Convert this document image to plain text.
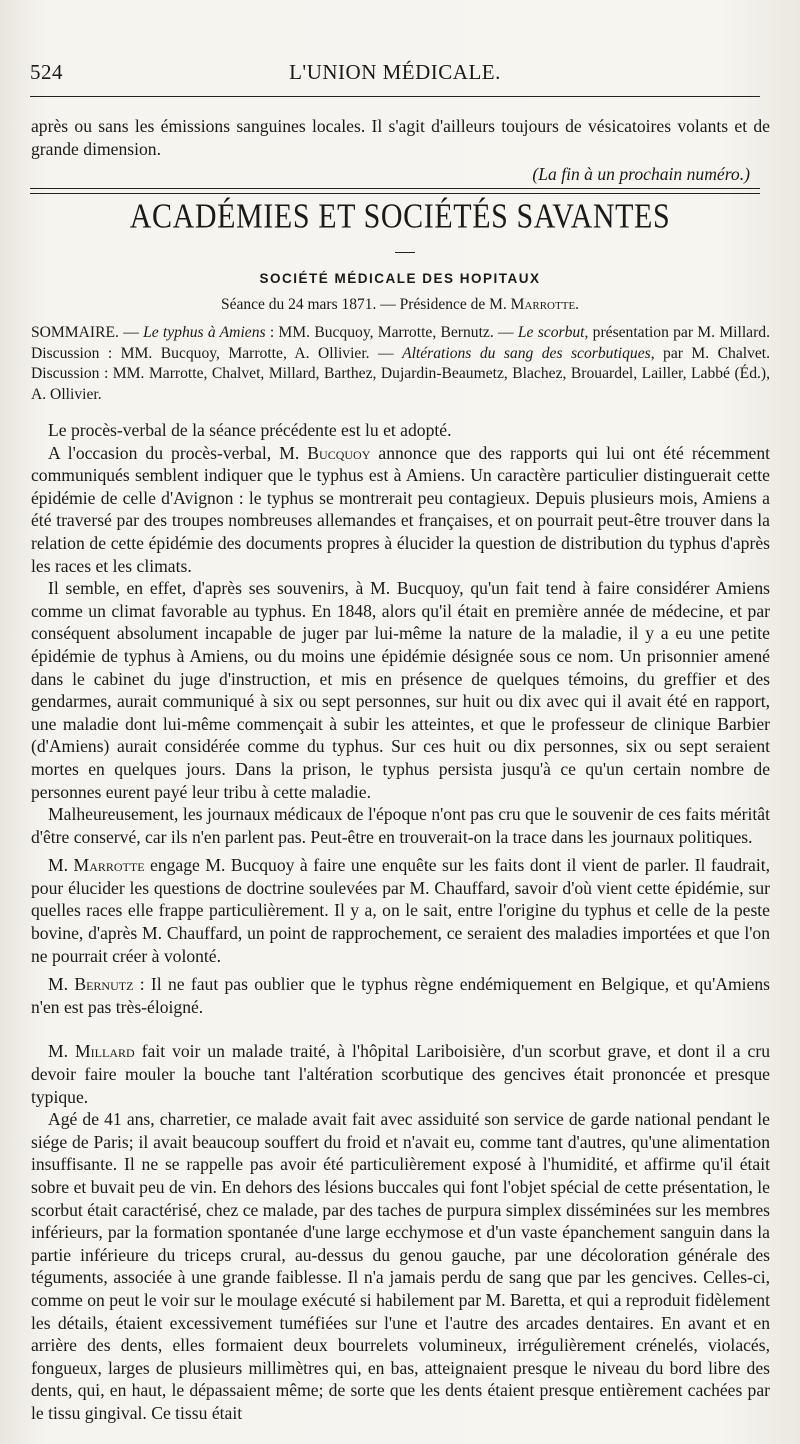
524	L'UNION MÉDICALE.

après ou sans les émissions sanguines locales. Il s'agit d'ailleurs toujours de vésicatoires volants et de grande dimension.

(La fin à un prochain numéro.)

ACADÉMIES ET SOCIÉTÉS SAVANTES
SOCIÉTÉ MÉDICALE DES HOPITAUX
Séance du 24 mars 1871. — Présidence de M. Marrotte.

SOMMAIRE. — Le typhus à Amiens : MM. Bucquoy, Marrotte, Bernutz. — Le scorbut, présentation par M. Millard. Discussion : MM. Bucquoy, Marrotte, A. Ollivier. — Altérations du sang des scorbutiques, par M. Chalvet. Discussion : MM. Marrotte, Chalvet, Millard, Barthez, Dujardin-Beaumetz, Blachez, Brouardel, Lailler, Labbé (Éd.), A. Ollivier.

Le procès-verbal de la séance précédente est lu et adopté.

A l'occasion du procès-verbal, M. Bucquoy annonce que des rapports qui lui ont été récemment communiqués semblent indiquer que le typhus est à Amiens. Un caractère particulier distinguerait cette épidémie de celle d'Avignon : le typhus se montrerait peu contagieux. Depuis plusieurs mois, Amiens a été traversé par des troupes nombreuses allemandes et françaises, et on pourrait peut-être trouver dans la relation de cette épidémie des documents propres à élucider la question de distribution du typhus d'après les races et les climats.

Il semble, en effet, d'après ses souvenirs, à M. Bucquoy, qu'un fait tend à faire considérer Amiens comme un climat favorable au typhus. En 1848, alors qu'il était en première année de médecine, et par conséquent absolument incapable de juger par lui-même la nature de la maladie, il y a eu une petite épidémie de typhus à Amiens, ou du moins une épidémie désignée sous ce nom. Un prisonnier amené dans le cabinet du juge d'instruction, et mis en présence de quelques témoins, du greffier et des gendarmes, aurait communiqué à six ou sept personnes, sur huit ou dix avec qui il avait été en rapport, une maladie dont lui-même commençait à subir les atteintes, et que le professeur de clinique Barbier (d'Amiens) aurait considérée comme du typhus. Sur ces huit ou dix personnes, six ou sept seraient mortes en quelques jours. Dans la prison, le typhus persista jusqu'à ce qu'un certain nombre de personnes eurent payé leur tribu à cette maladie.

Malheureusement, les journaux médicaux de l'époque n'ont pas cru que le souvenir de ces faits méritât d'être conservé, car ils n'en parlent pas. Peut-être en trouverait-on la trace dans les journaux politiques.

M. Marrotte engage M. Bucquoy à faire une enquête sur les faits dont il vient de parler. Il faudrait, pour élucider les questions de doctrine soulevées par M. Chauffard, savoir d'où vient cette épidémie, sur quelles races elle frappe particulièrement. Il y a, on le sait, entre l'origine du typhus et celle de la peste bovine, d'après M. Chauffard, un point de rapprochement, ce seraient des maladies importées et que l'on ne pourrait créer à volonté.

M. Bernutz : Il ne faut pas oublier que le typhus règne endémiquement en Belgique, et qu'Amiens n'en est pas très-éloigné.

M. Millard fait voir un malade traité, à l'hôpital Lariboisière, d'un scorbut grave, et dont il a cru devoir faire mouler la bouche tant l'altération scorbutique des gencives était prononcée et presque typique.

Agé de 41 ans, charretier, ce malade avait fait avec assiduité son service de garde national pendant le siége de Paris; il avait beaucoup souffert du froid et n'avait eu, comme tant d'autres, qu'une alimentation insuffisante. Il ne se rappelle pas avoir été particulièrement exposé à l'humidité, et affirme qu'il était sobre et buvait peu de vin. En dehors des lésions buccales qui font l'objet spécial de cette présentation, le scorbut était caractérisé, chez ce malade, par des taches de purpura simplex disséminées sur les membres inférieurs, par la formation spontanée d'une large ecchymose et d'un vaste épanchement sanguin dans la partie inférieure du triceps crural, au-dessus du genou gauche, par une décoloration générale des téguments, associée à une grande faiblesse. Il n'a jamais perdu de sang que par les gencives. Celles-ci, comme on peut le voir sur le moulage exécuté si habilement par M. Baretta, et qui a reproduit fidèlement les détails, étaient excessivement tuméfiées sur l'une et l'autre des arcades dentaires. En avant et en arrière des dents, elles formaient deux bourrelets volumineux, irrégulièrement crénelés, violacés, fongueux, larges de plusieurs millimètres qui, en bas, atteignaient presque le niveau du bord libre des dents, qui, en haut, le dépassaient même; de sorte que les dents étaient presque entièrement cachées par le tissu gingival. Ce tissu était
